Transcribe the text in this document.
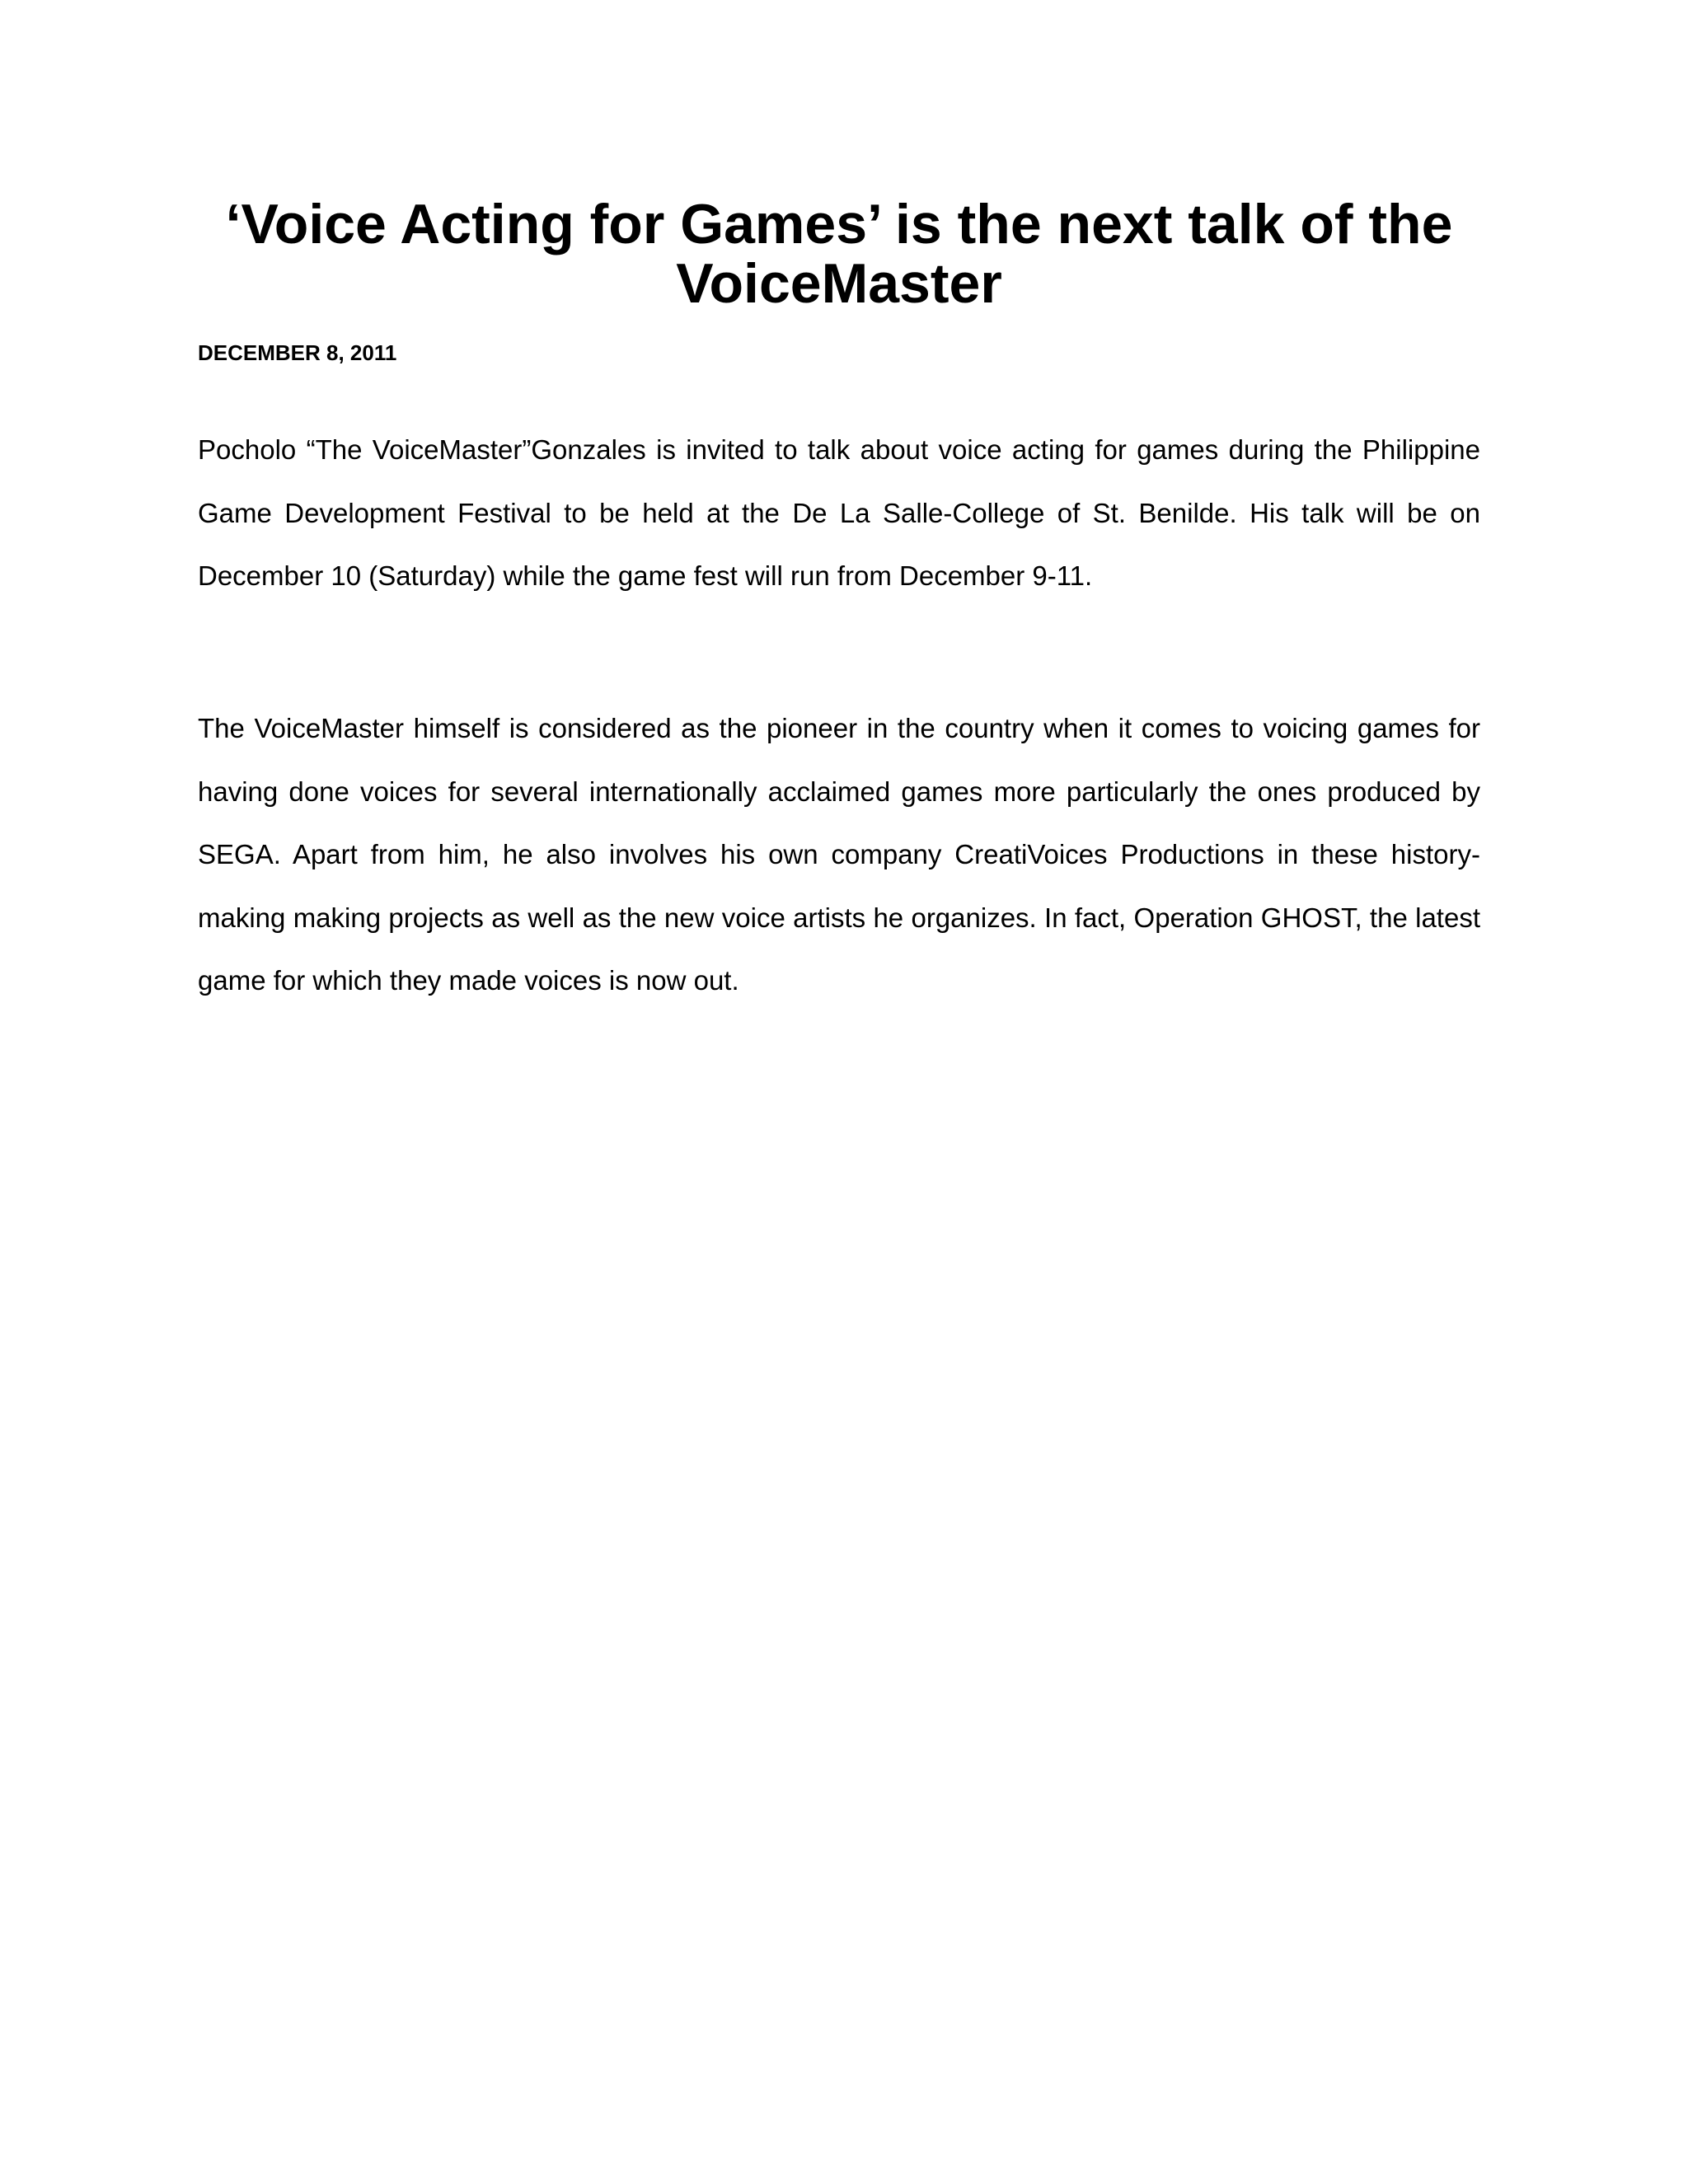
‘Voice Acting for Games’ is the next talk of the VoiceMaster

DECEMBER 8, 2011

Pocholo “The VoiceMaster”Gonzales is invited to talk about voice acting for games during the Philippine Game Development Festival to be held at the De La Salle-College of St. Benilde. His talk will be on December 10 (Saturday) while the game fest will run from December 9-11.

The VoiceMaster himself is considered as the pioneer in the country when it comes to voicing games for having done voices for several internationally acclaimed games more particularly the ones produced by SEGA. Apart from him, he also involves his own company CreatiVoices Productions in these history-making making projects as well as the new voice artists he organizes. In fact, Operation GHOST, the latest game for which they made voices is now out.
